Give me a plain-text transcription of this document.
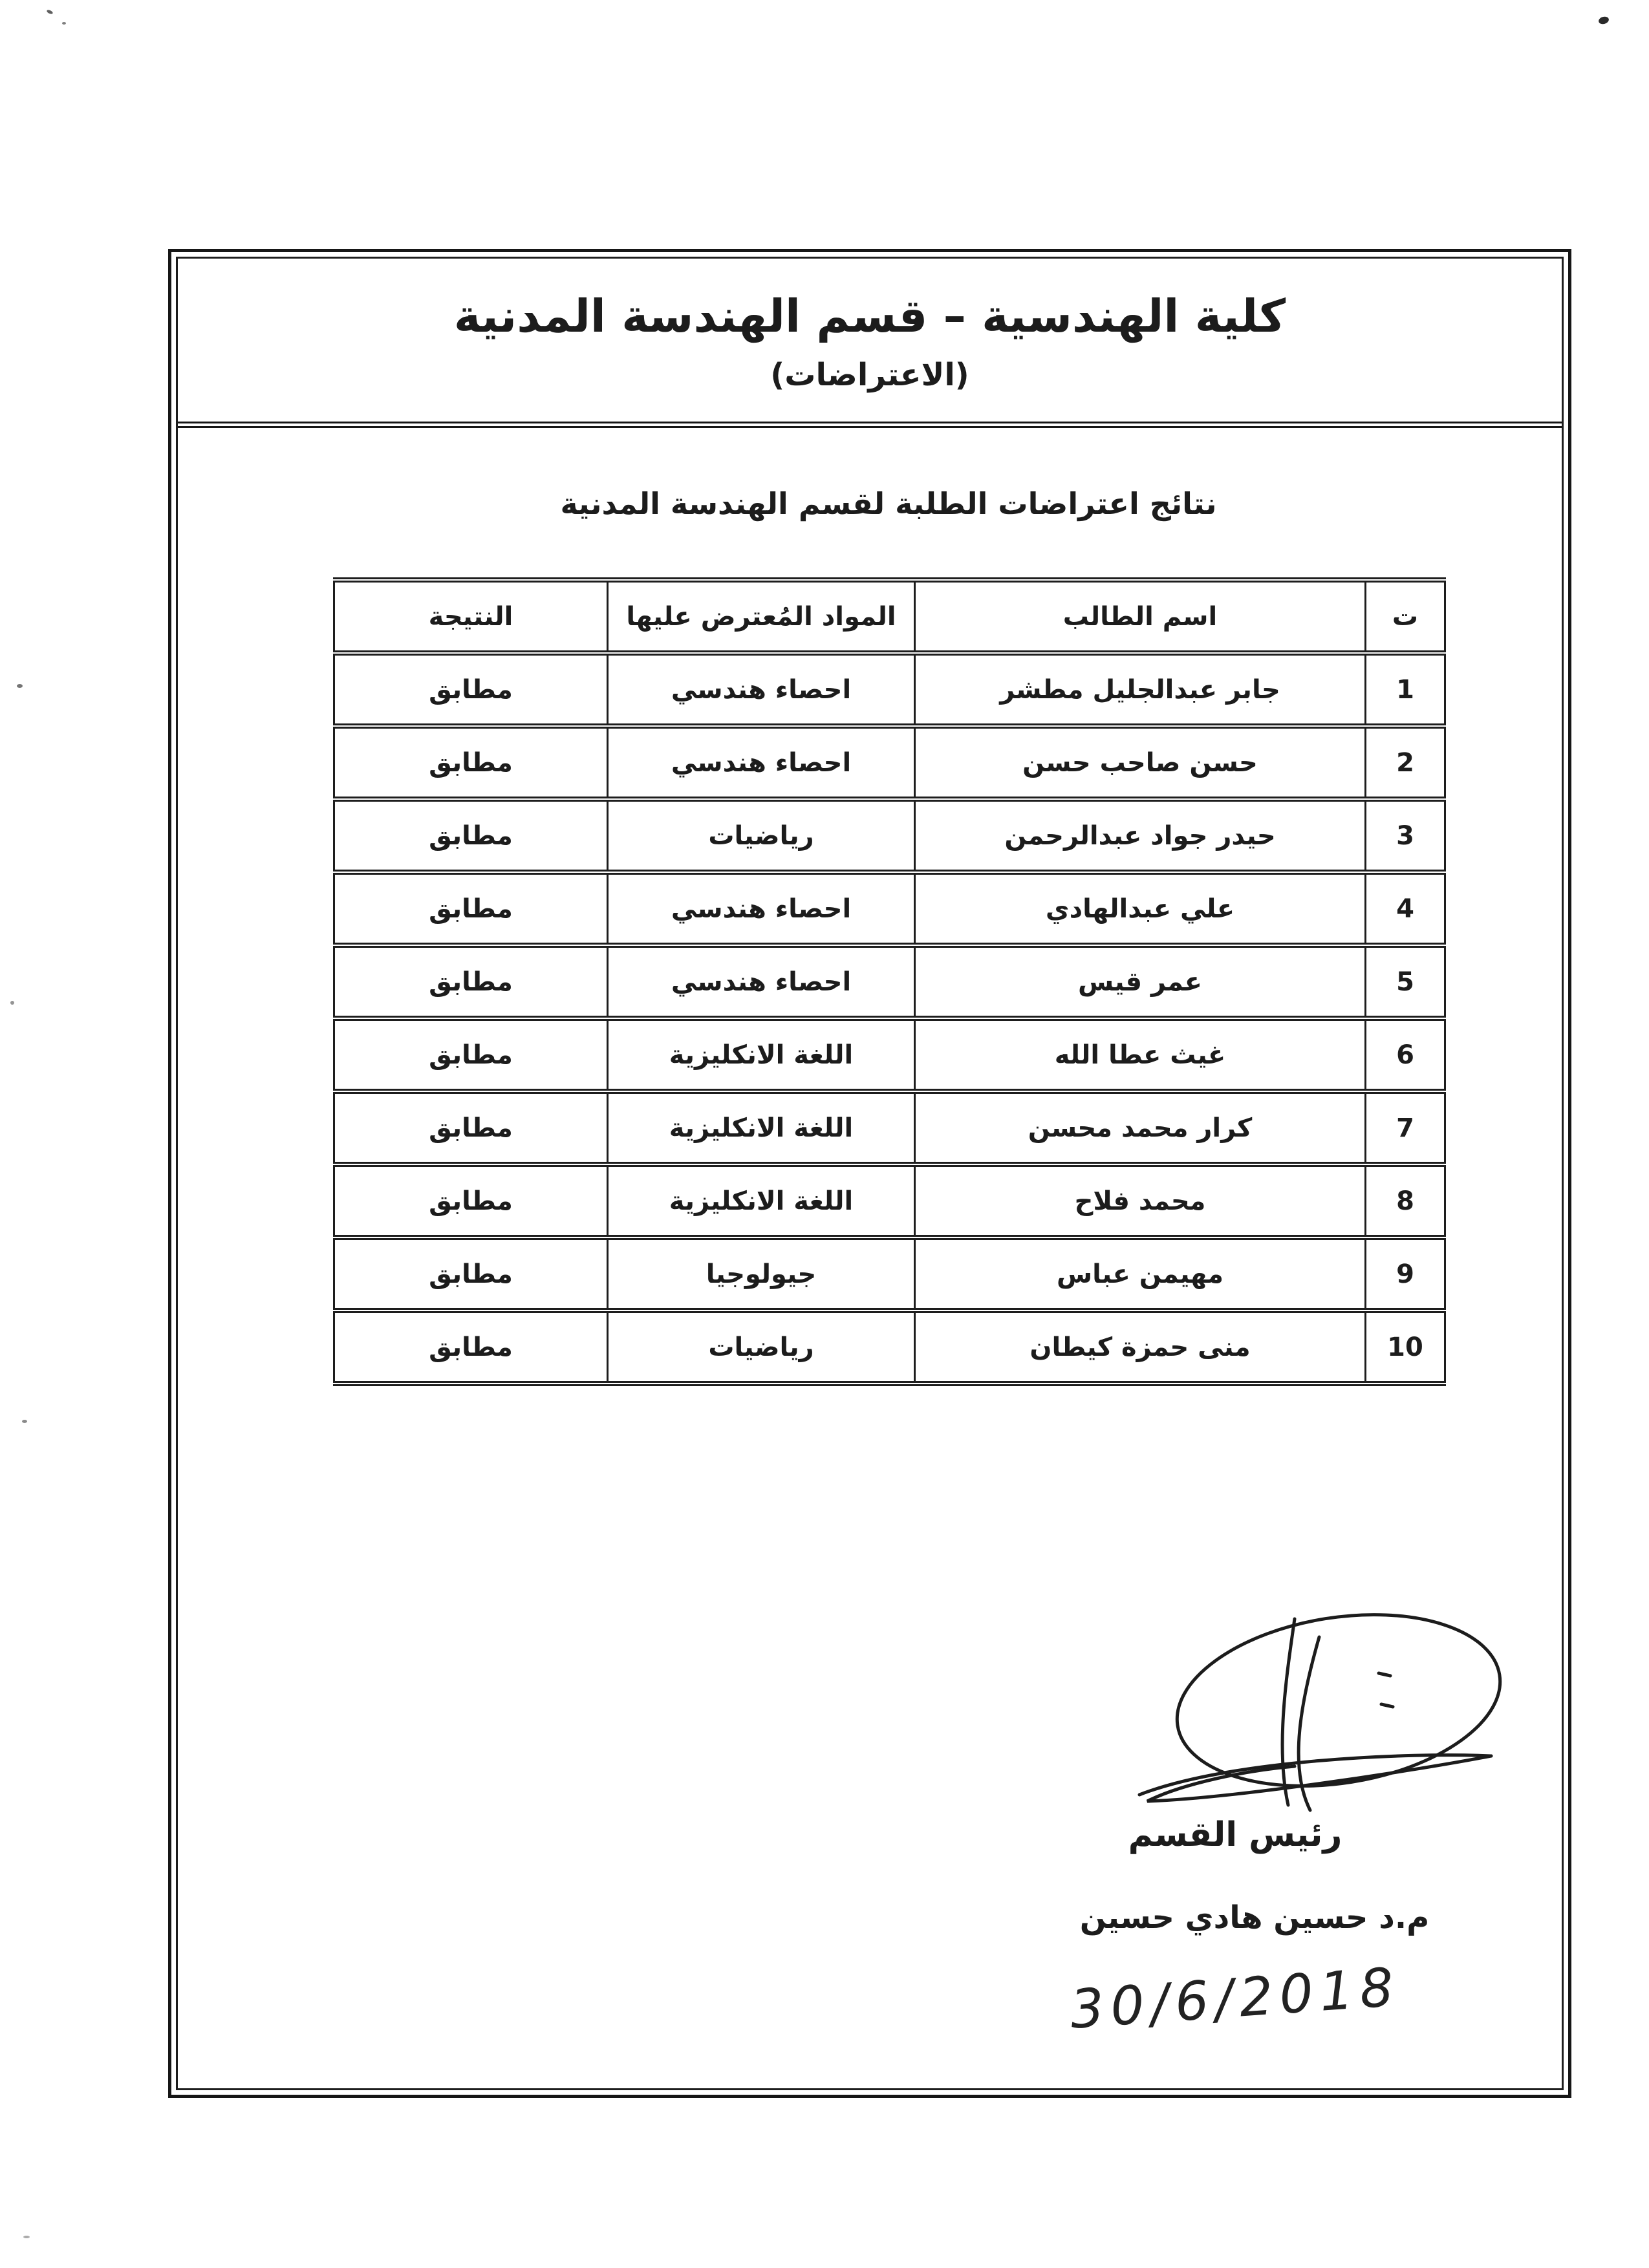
كلية الهندسية – قسم الهندسة المدنية
(الاعتراضات)
نتائج اعتراضات الطلبة لقسم الهندسة المدنية
ت	اسم الطالب	المواد المُعترض عليها	النتيجة
1	جابر عبدالجليل مطشر	احصاء هندسي	مطابق
2	حسن صاحب حسن	احصاء هندسي	مطابق
3	حيدر جواد عبدالرحمن	رياضيات	مطابق
4	علي عبدالهادي	احصاء هندسي	مطابق
5	عمر قيس	احصاء هندسي	مطابق
6	غيث عطا الله	اللغة الانكليزية	مطابق
7	كرار محمد محسن	اللغة الانكليزية	مطابق
8	محمد فلاح	اللغة الانكليزية	مطابق
9	مهيمن عباس	جيولوجيا	مطابق
10	منى حمزة كيطان	رياضيات	مطابق
رئيس القسم
م.د حسين هادي حسين
30/6/2018
